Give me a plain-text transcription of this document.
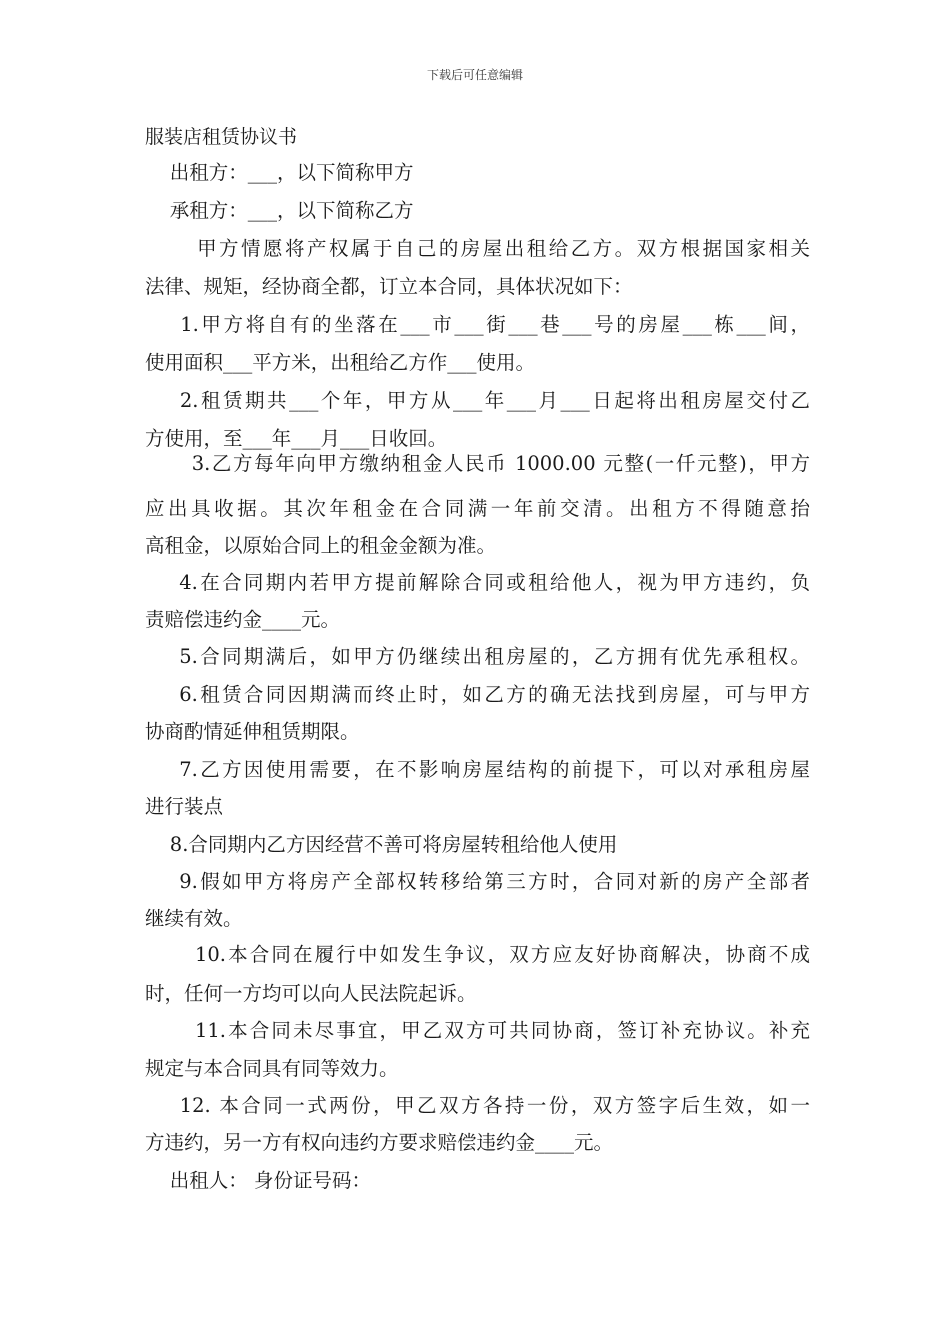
下载后可任意编辑
服装店租赁协议书
出租方：___，以下简称甲方
承租方：___，以下简称乙方
甲方情愿将产权属于自己的房屋出租给乙方。双方根据国家相关
法律、规矩，经协商全都，订立本合同，具体状况如下：
1.甲方将自有的坐落在___市___街___巷___号的房屋___栋___间，
使用面积___平方米，出租给乙方作___使用。
2.租赁期共___个年，甲方从___年___月___日起将出租房屋交付乙
方使用，至___年___月___日收回。
3.乙方每年向甲方缴纳租金人民币 1000.00 元整(一仟元整)，甲方
应出具收据。其次年租金在合同满一年前交清。出租方不得随意抬
高租金，以原始合同上的租金金额为准。
4.在合同期内若甲方提前解除合同或租给他人，视为甲方违约，负
责赔偿违约金____元。
5.合同期满后，如甲方仍继续出租房屋的，乙方拥有优先承租权。
6.租赁合同因期满而终止时，如乙方的确无法找到房屋，可与甲方
协商酌情延伸租赁期限。
7.乙方因使用需要，在不影响房屋结构的前提下，可以对承租房屋
进行装点
8.合同期内乙方因经营不善可将房屋转租给他人使用
9.假如甲方将房产全部权转移给第三方时，合同对新的房产全部者
继续有效。
10.本合同在履行中如发生争议，双方应友好协商解决，协商不成
时，任何一方均可以向人民法院起诉。
11.本合同未尽事宜，甲乙双方可共同协商，签订补充协议。补充
规定与本合同具有同等效力。
12. 本合同一式两份，甲乙双方各持一份，双方签字后生效，如一
方违约，另一方有权向违约方要求赔偿违约金____元。
出租人： 身份证号码：
